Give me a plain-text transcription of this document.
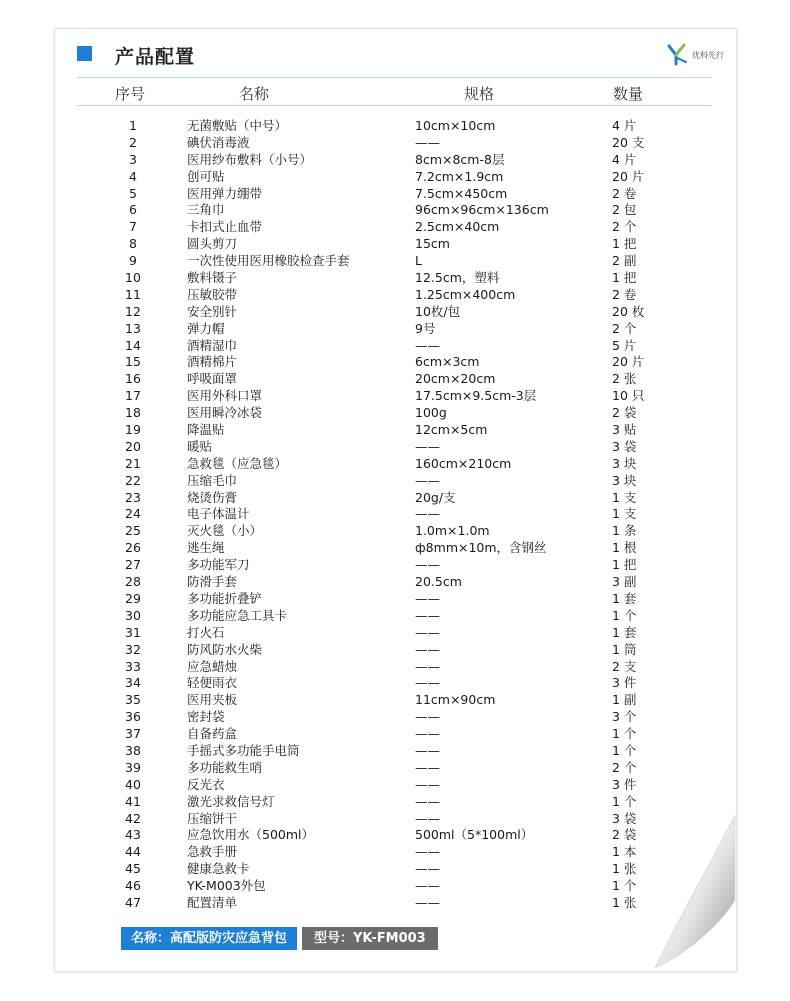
产品配置	优科先行
序号	名称	规格	数量
1	无菌敷贴（中号）	10cm×10cm	4 片
2	碘伏消毒液	——	20 支
3	医用纱布敷料（小号）	8cm×8cm-8层	4 片
4	创可贴	7.2cm×1.9cm	20 片
5	医用弹力绷带	7.5cm×450cm	2 卷
6	三角巾	96cm×96cm×136cm	2 包
7	卡扣式止血带	2.5cm×40cm	2 个
8	圆头剪刀	15cm	1 把
9	一次性使用医用橡胶检查手套	L	2 副
10	敷料镊子	12.5cm，塑料	1 把
11	压敏胶带	1.25cm×400cm	2 卷
12	安全别针	10枚/包	20 枚
13	弹力帽	9号	2 个
14	酒精湿巾	——	5 片
15	酒精棉片	6cm×3cm	20 片
16	呼吸面罩	20cm×20cm	2 张
17	医用外科口罩	17.5cm×9.5cm-3层	10 只
18	医用瞬冷冰袋	100g	2 袋
19	降温贴	12cm×5cm	3 贴
20	暖贴	——	3 袋
21	急救毯（应急毯）	160cm×210cm	3 块
22	压缩毛巾	——	3 块
23	烧烫伤膏	20g/支	1 支
24	电子体温计	——	1 支
25	灭火毯（小）	1.0m×1.0m	1 条
26	逃生绳	ф8mm×10m，含钢丝	1 根
27	多功能军刀	——	1 把
28	防滑手套	20.5cm	3 副
29	多功能折叠铲	——	1 套
30	多功能应急工具卡	——	1 个
31	打火石	——	1 套
32	防风防水火柴	——	1 筒
33	应急蜡烛	——	2 支
34	轻便雨衣	——	3 件
35	医用夹板	11cm×90cm	1 副
36	密封袋	——	3 个
37	自备药盒	——	1 个
38	手摇式多功能手电筒	——	1 个
39	多功能救生哨	——	2 个
40	反光衣	——	3 件
41	激光求救信号灯	——	1 个
42	压缩饼干	——	3 袋
43	应急饮用水（500ml）	500ml（5*100ml）	2 袋
44	急救手册	——	1 本
45	健康急救卡	——	1 张
46	YK-M003外包	——	1 个
47	配置清单	——	1 张
名称：高配版防灾应急背包	型号：YK-FM003
